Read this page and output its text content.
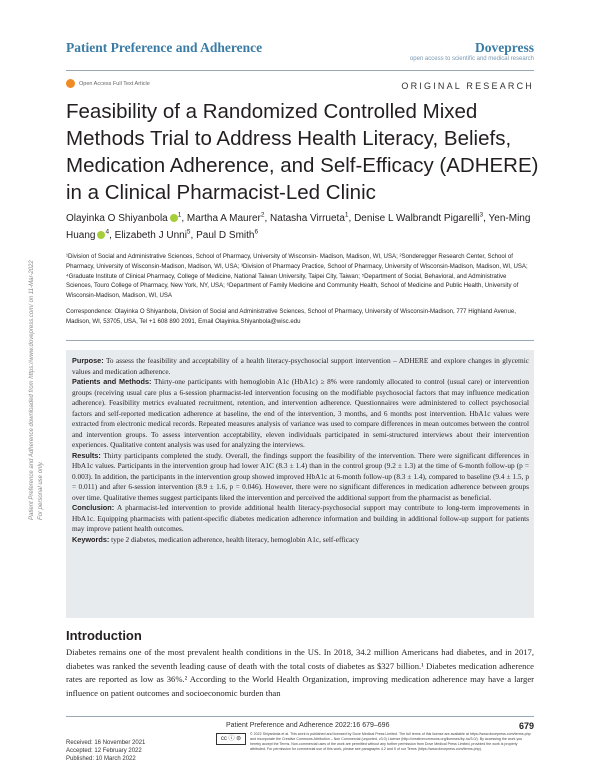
Patient Preference and Adherence downloaded from https://www.dovepress.com/ on 11-Mar-2022 For personal use only.
Patient Preference and Adherence	Dovepress
open access to scientific and medical research
Open Access Full Text Article	ORIGINAL RESEARCH
Feasibility of a Randomized Controlled Mixed Methods Trial to Address Health Literacy, Beliefs, Medication Adherence, and Self-Efficacy (ADHERE) in a Clinical Pharmacist-Led Clinic
Olayinka O Shiyanbola $^1$, Martha A Maurer$^2$, Natasha Virrueta$^1$, Denise L Walbrandt Pigarelli$^3$, Yen-Ming Huang $^4$, Elizabeth J Unni$^5$, Paul D Smith$^6$
¹Division of Social and Administrative Sciences, School of Pharmacy, University of Wisconsin- Madison, Madison, WI, USA; ²Sonderegger Research Center, School of Pharmacy, University of Wisconsin-Madison, Madison, WI, USA; ³Division of Pharmacy Practice, School of Pharmacy, University of Wisconsin-Madison, Madison, WI, USA; ⁴Graduate Institute of Clinical Pharmacy, College of Medicine, National Taiwan University, Taipei City, Taiwan; ⁵Department of Social, Behavioral, and Administrative Sciences, Touro College of Pharmacy, New York, NY, USA; ⁶Department of Family Medicine and Community Health, School of Medicine and Public Health, University of Wisconsin-Madison, Madison, WI, USA
Correspondence: Olayinka O Shiyanbola, Division of Social and Administrative Sciences, School of Pharmacy, University of Wisconsin-Madison, 777 Highland Avenue, Madison, WI, 53705, USA, Tel +1 608 890 2091, Email Olayinka.Shiyanbola@wisc.edu

Purpose: To assess the feasibility and acceptability of a health literacy-psychosocial support intervention – ADHERE and explore changes in glycemic values and medication adherence.

Patients and Methods: Thirty-one participants with hemoglobin A1c (HbA1c) ≥ 8% were randomly allocated to control (usual care) or intervention groups (receiving usual care plus a 6-session pharmacist-led intervention focusing on the modifiable psychosocial factors that may influence medication adherence). Feasibility metrics evaluated recruitment, retention, and intervention adherence. Questionnaires were administered to collect psychosocial factors and self-reported medication adherence at baseline, the end of the intervention, 3 months, and 6 months post intervention. HbA1c values were extracted from electronic medical records. Repeated measures analysis of variance was used to compare differences in mean outcomes between the control and intervention groups. To assess intervention acceptability, eleven individuals participated in semi-structured interviews about their intervention experiences. Qualitative content analysis was used for analyzing the interviews.

Results: Thirty participants completed the study. Overall, the findings support the feasibility of the intervention. There were significant differences in HbA1c values. Participants in the intervention group had lower A1C (8.3 ± 1.4) than in the control group (9.2 ± 1.3) at the time of 6-month follow-up (p = 0.003). In addition, the participants in the intervention group showed improved HbA1c at 6-month follow-up (8.3 ± 1.4), compared to baseline (9.4 ± 1.5, p = 0.011) and after 6-session intervention (8.9 ± 1.6, p = 0.046). However, there were no significant differences in medication adherence between groups over time. Qualitative themes suggest participants liked the intervention and perceived the additional support from the pharmacist as beneficial.

Conclusion: A pharmacist-led intervention to provide additional health literacy-psychosocial support may contribute to long-term improvements in HbA1c. Equipping pharmacists with patient-specific diabetes medication adherence information and building in additional follow-up support for patients may improve patient health outcomes.

Keywords: type 2 diabetes, medication adherence, health literacy, hemoglobin A1c, self-efficacy

Introduction
Diabetes remains one of the most prevalent health conditions in the US. In 2018, 34.2 million Americans had diabetes, and in 2017, diabetes was ranked the seventh leading cause of death with the total costs of diabetes as $327 billion.¹ Diabetes medication adherence rates are reported as low as 36%.² According to the World Health Organization, improving medication adherence may have a larger influence on patient outcomes and socioeconomic burden than
Patient Preference and Adherence 2022:16 679–696	679
Received: 16 November 2021
Accepted: 12 February 2022
Published: 10 March 2022
cc ⓘ ⊜
© 2022 Shiyanbola et al. This work is published and licensed by Dove Medical Press Limited. The full terms of this license are available at https://www.dovepress.com/terms.php and incorporate the Creative Commons Attribution – Non Commercial (unported, v3.0) License (http://creativecommons.org/licenses/by-nc/3.0/). By accessing the work you hereby accept the Terms. Non-commercial uses of the work are permitted without any further permission from Dove Medical Press Limited, provided the work is properly attributed. For permission for commercial use of this work, please see paragraphs 4.2 and 5 of our Terms (https://www.dovepress.com/terms.php).
